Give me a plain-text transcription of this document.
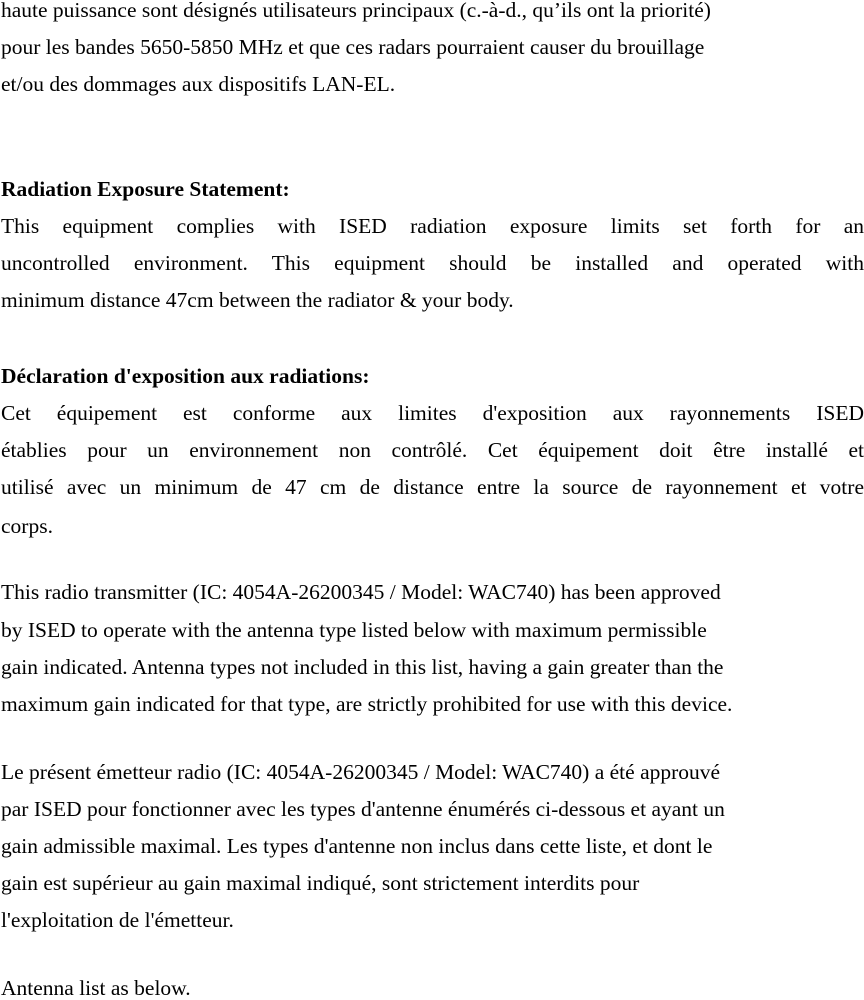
haute puissance sont désignés utilisateurs principaux (c.-à-d., qu’ils ont la priorité)
pour les bandes 5650-5850 MHz et que ces radars pourraient causer du brouillage
et/ou des dommages aux dispositifs LAN-EL.
Radiation Exposure Statement:
This equipment complies with ISED radiation exposure limits set forth for an
uncontrolled environment. This equipment should be installed and operated with
minimum distance 47cm between the radiator & your body.
Déclaration d'exposition aux radiations:
Cet équipement est conforme aux limites d'exposition aux rayonnements ISED
établies pour un environnement non contrôlé. Cet équipement doit être installé et
utilisé avec un minimum de 47 cm de distance entre la source de rayonnement et votre
corps.
This radio transmitter (IC: 4054A-26200345 / Model: WAC740) has been approved
by ISED to operate with the antenna type listed below with maximum permissible
gain indicated. Antenna types not included in this list, having a gain greater than the
maximum gain indicated for that type, are strictly prohibited for use with this device.
Le présent émetteur radio (IC: 4054A-26200345 / Model: WAC740) a été approuvé
par ISED pour fonctionner avec les types d'antenne énumérés ci-dessous et ayant un
gain admissible maximal. Les types d'antenne non inclus dans cette liste, et dont le
gain est supérieur au gain maximal indiqué, sont strictement interdits pour
l'exploitation de l'émetteur.
Antenna list as below.
